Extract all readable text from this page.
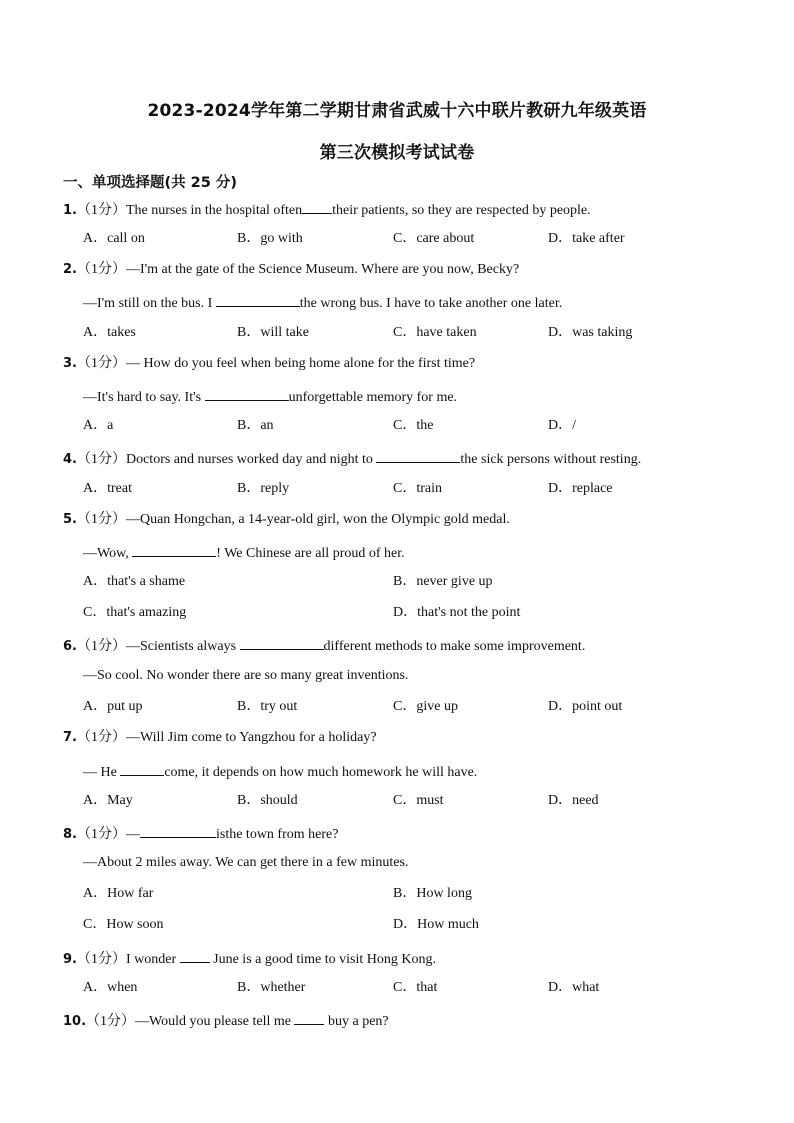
2023-2024学年第二学期甘肃省武威十六中联片教研九年级英语
第三次模拟考试试卷
一、单项选择题(共 25 分)
1.（1分）The nurses in the hospital often their patients, so they are respected by people.
A．call on	B．go with	C．care about	D．take after
2.（1分）—I'm at the gate of the Science Museum. Where are you now, Becky?
—I'm still on the bus. I	the wrong bus. I have to take another one later.
A．takes	B．will take	C．have taken	D．was taking
3.（1分）— How do you feel when being home alone for the first time?
—It's hard to say. It's	unforgettable memory for me.
A．a	B．an	C．the	D．/
4.（1分）Doctors and nurses worked day and night to	the sick persons without resting.
A．treat	B．reply	C．train	D．replace
5.（1分）—Quan Hongchan, a 14-year-old girl, won the Olympic gold medal.
—Wow,	! We Chinese are all proud of her.
A．that's a shame	B．never give up
C．that's amazing	D．that's not the point
6.（1分）—Scientists always	different methods to make some improvement.
—So cool. No wonder there are so many great inventions.
A．put up	B．try out	C．give up	D．point out
7.（1分）—Will Jim come to Yangzhou for a holiday?
— He	come, it depends on how much homework he will have.
A．May	B．should	C．must	D．need
8.（1分）—	isthe town from here?
—About 2 miles away. We can get there in a few minutes.
A．How far	B．How long
C．How soon	D．How much
9.（1分）I wonder	June is a good time to visit Hong Kong.
A．when	B．whether	C．that	D．what
10.（1分）—Would you please tell me	buy a pen?
